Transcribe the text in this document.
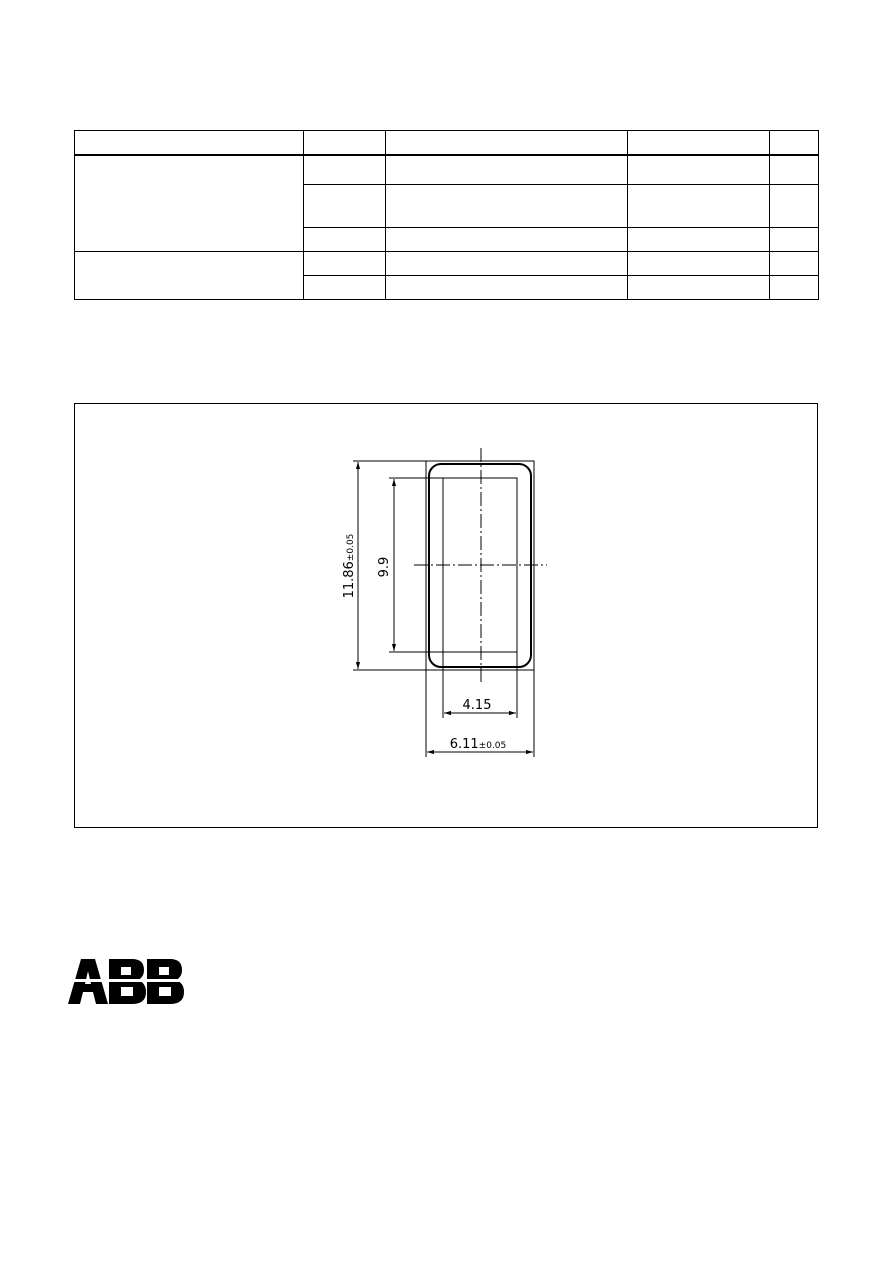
11.86±0.05
9.9
4.15
6.11±0.05
